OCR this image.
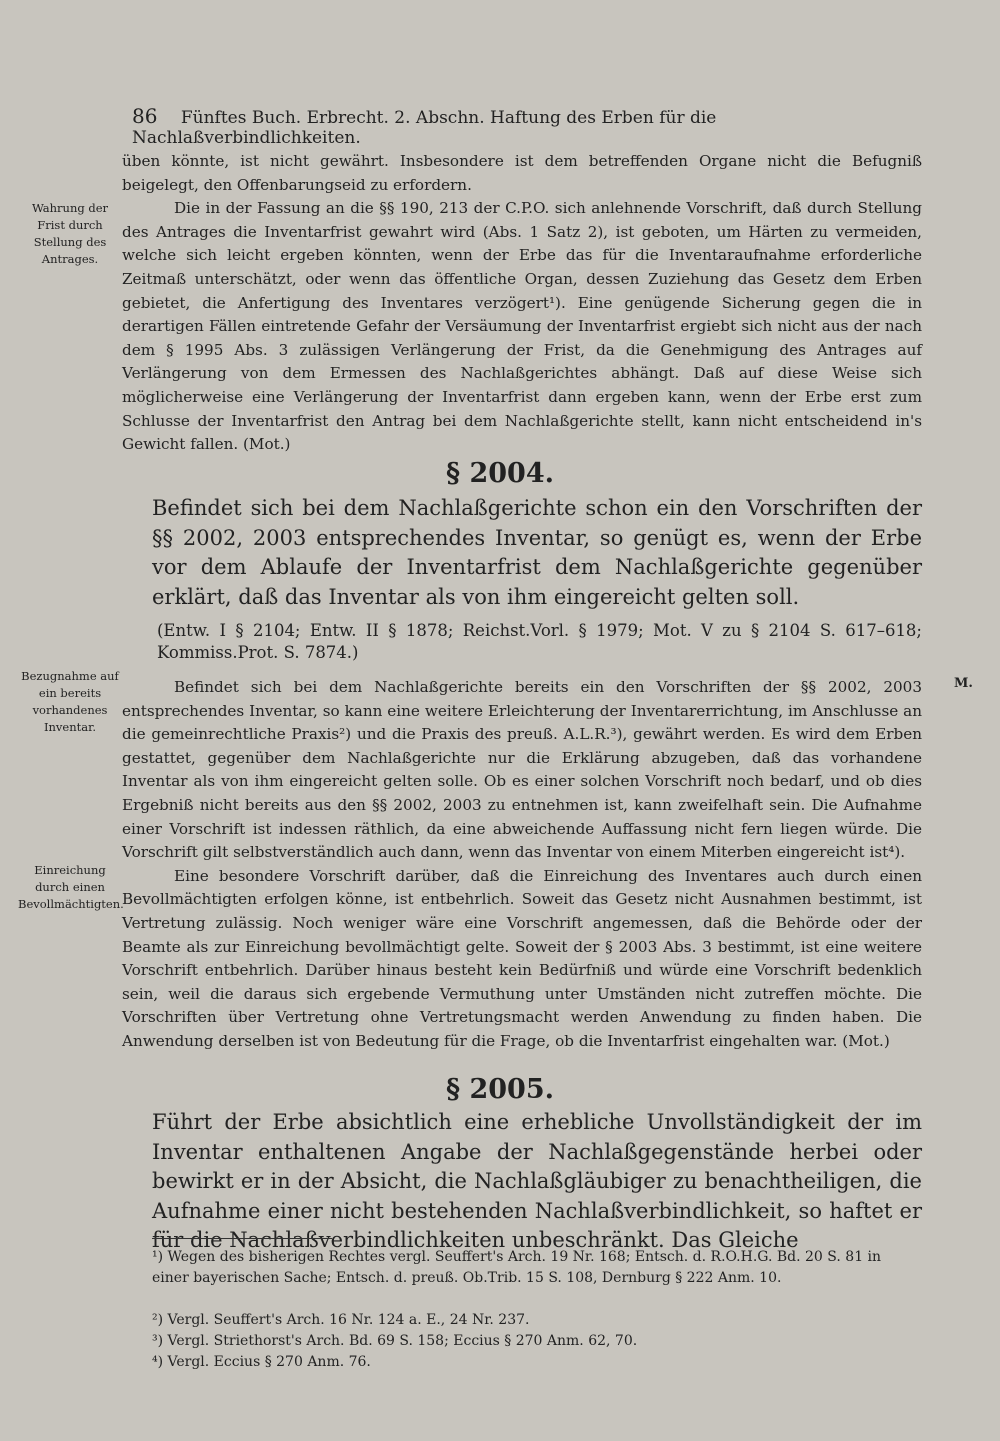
86 Fünftes Buch. Erbrecht. 2. Abschn. Haftung des Erben für die Nachlaßverbindlichkeiten.

üben könnte, ist nicht gewährt. Insbesondere ist dem betreffenden Organe nicht die Befugniß beigelegt, den Offenbarungseid zu erfordern.

Die in der Fassung an die §§ 190, 213 der C.P.O. sich anlehnende Vorschrift, daß durch Stellung des Antrages die Inventarfrist gewahrt wird (Abs. 1 Satz 2), ist geboten, um Härten zu vermeiden, welche sich leicht ergeben könnten, wenn der Erbe das für die Inventaraufnahme erforderliche Zeitmaß unterschätzt, oder wenn das öffentliche Organ, dessen Zuziehung das Gesetz dem Erben gebietet, die Anfertigung des Inventares verzögert¹). Eine genügende Sicherung gegen die in derartigen Fällen eintretende Gefahr der Versäumung der Inventarfrist ergiebt sich nicht aus der nach dem § 1995 Abs. 3 zulässigen Verlängerung der Frist, da die Genehmigung des Antrages auf Verlängerung von dem Ermessen des Nachlaßgerichtes abhängt. Daß auf diese Weise sich möglicherweise eine Verlängerung der Inventarfrist dann ergeben kann, wenn der Erbe erst zum Schlusse der Inventarfrist den Antrag bei dem Nachlaßgerichte stellt, kann nicht entscheidend in's Gewicht fallen. (Mot.)

Wahrung der Frist durch Stellung des Antrages.
§ 2004.
Befindet sich bei dem Nachlaßgerichte schon ein den Vorschriften der §§ 2002, 2003 entsprechendes Inventar, so genügt es, wenn der Erbe vor dem Ablaufe der Inventarfrist dem Nachlaßgerichte gegenüber erklärt, daß das Inventar als von ihm eingereicht gelten soll.
(Entw. I § 2104; Entw. II § 1878; Reichst.Vorl. § 1979; Mot. V zu § 2104 S. 617–618; Kommiss.Prot. S. 7874.)
Bezugnahme auf ein bereits vorhandenes Inventar.
M.

Befindet sich bei dem Nachlaßgerichte bereits ein den Vorschriften der §§ 2002, 2003 entsprechendes Inventar, so kann eine weitere Erleichterung der Inventarerrichtung, im Anschlusse an die gemeinrechtliche Praxis²) und die Praxis des preuß. A.L.R.³), gewährt werden. Es wird dem Erben gestattet, gegenüber dem Nachlaßgerichte nur die Erklärung abzugeben, daß das vorhandene Inventar als von ihm eingereicht gelten solle. Ob es einer solchen Vorschrift noch bedarf, und ob dies Ergebniß nicht bereits aus den §§ 2002, 2003 zu entnehmen ist, kann zweifelhaft sein. Die Aufnahme einer Vorschrift ist indessen räthlich, da eine abweichende Auffassung nicht fern liegen würde. Die Vorschrift gilt selbstverständlich auch dann, wenn das Inventar von einem Miterben eingereicht ist⁴).

Eine besondere Vorschrift darüber, daß die Einreichung des Inventares auch durch einen Bevollmächtigten erfolgen könne, ist entbehrlich. Soweit das Gesetz nicht Ausnahmen bestimmt, ist Vertretung zulässig. Noch weniger wäre eine Vorschrift angemessen, daß die Behörde oder der Beamte als zur Einreichung bevollmächtigt gelte. Soweit der § 2003 Abs. 3 bestimmt, ist eine weitere Vorschrift entbehrlich. Darüber hinaus besteht kein Bedürfniß und würde eine Vorschrift bedenklich sein, weil die daraus sich ergebende Vermuthung unter Umständen nicht zutreffen möchte. Die Vorschriften über Vertretung ohne Vertretungsmacht werden Anwendung zu finden haben. Die Anwendung derselben ist von Bedeutung für die Frage, ob die Inventarfrist eingehalten war. (Mot.)

Einreichung durch einen Bevollmächtigten.
§ 2005.
Führt der Erbe absichtlich eine erhebliche Unvollständigkeit der im Inventar enthaltenen Angabe der Nachlaßgegenstände herbei oder bewirkt er in der Absicht, die Nachlaßgläubiger zu benachtheiligen, die Aufnahme einer nicht bestehenden Nachlaßverbindlichkeit, so haftet er für die Nachlaßverbindlichkeiten unbeschränkt. Das Gleiche
¹) Wegen des bisherigen Rechtes vergl. Seuffert's Arch. 19 Nr. 168; Entsch. d. R.O.H.G. Bd. 20 S. 81 in einer bayerischen Sache; Entsch. d. preuß. Ob.Trib. 15 S. 108, Dernburg § 222 Anm. 10.
²) Vergl. Seuffert's Arch. 16 Nr. 124 a. E., 24 Nr. 237.
³) Vergl. Striethorst's Arch. Bd. 69 S. 158; Eccius § 270 Anm. 62, 70.
⁴) Vergl. Eccius § 270 Anm. 76.
